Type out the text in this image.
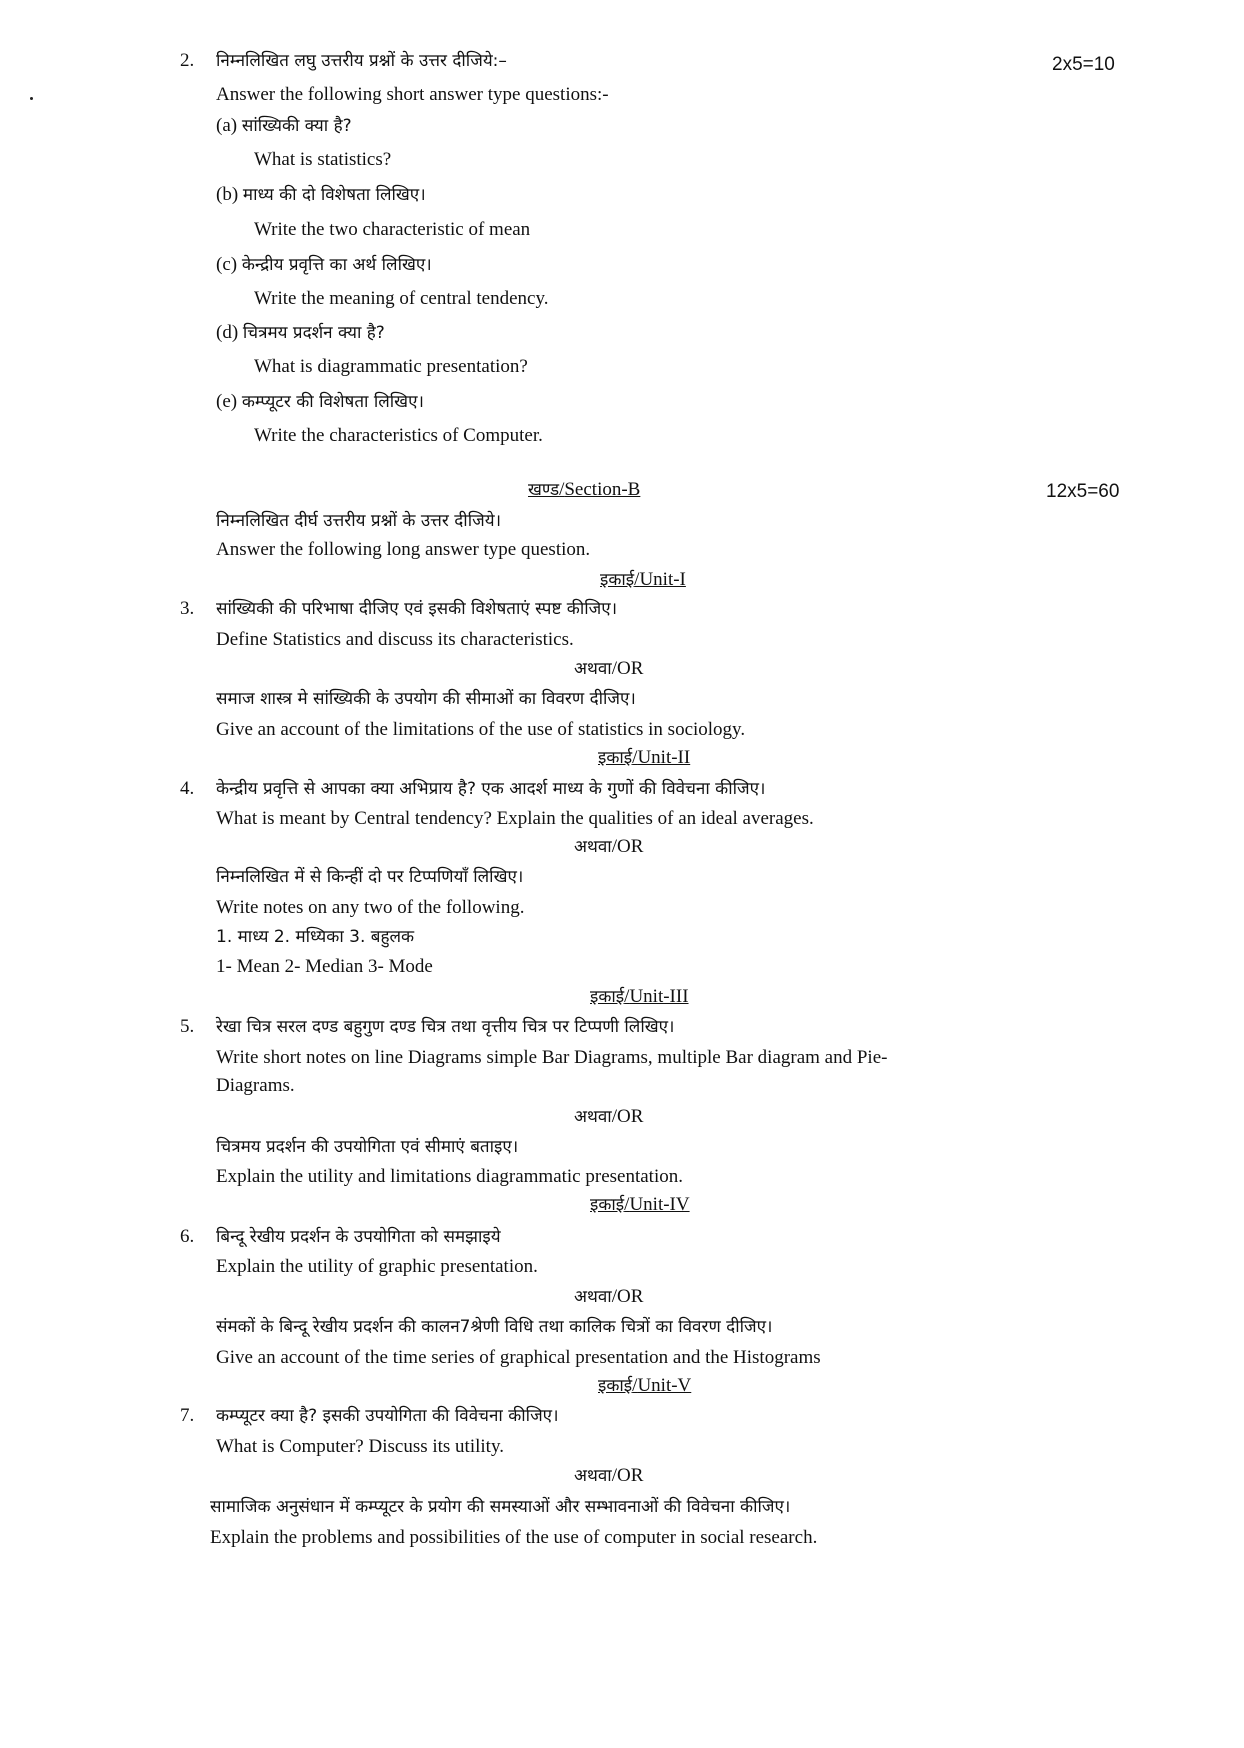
2. निम्नलिखित लघु उत्तरीय प्रश्नों के उत्तर दीजिये:–	2x5=10
Answer the following short answer type questions:-
(a) सांख्यिकी क्या है?
What is statistics?
(b) माध्य की दो विशेषता लिखिए।
Write the two characteristic of mean
(c) केन्द्रीय प्रवृत्ति का अर्थ लिखिए।
Write the meaning of central tendency.
(d) चित्रमय प्रदर्शन क्या है?
What is diagrammatic presentation?
(e) कम्प्यूटर की विशेषता लिखिए।
Write the characteristics of Computer.
खण्ड/Section-B	12x5=60
निम्नलिखित दीर्घ उत्तरीय प्रश्नों के उत्तर दीजिये।
Answer the following long answer type question.
इकाई/Unit-I
3. सांख्यिकी की परिभाषा दीजिए एवं इसकी विशेषताएं स्पष्ट कीजिए।
Define Statistics and discuss its characteristics.
अथवा/OR
समाज शास्त्र मे सांख्यिकी के उपयोग की सीमाओं का विवरण दीजिए।
Give an account of the limitations of the use of statistics in sociology.
इकाई/Unit-II
4. केन्द्रीय प्रवृत्ति से आपका क्या अभिप्राय है? एक आदर्श माध्य के गुणों की विवेचना कीजिए।
What is meant by Central tendency? Explain the qualities of an ideal averages.
अथवा/OR
निम्नलिखित में से किन्हीं दो पर टिप्पणियॉं लिखिए।
Write notes on any two of the following.
1. माध्य 2. मध्यिका 3. बहुलक
1- Mean 2- Median 3- Mode
इकाई/Unit-III
5. रेखा चित्र सरल दण्ड बहुगुण दण्ड चित्र तथा वृत्तीय चित्र पर टिप्पणी लिखिए।
Write short notes on line Diagrams simple Bar Diagrams, multiple Bar diagram and Pie-
Diagrams.
अथवा/OR
चित्रमय प्रदर्शन की उपयोगिता एवं सीमाएं बताइए।
Explain the utility and limitations diagrammatic presentation.
इकाई/Unit-IV
6. बिन्दू रेखीय प्रदर्शन के उपयोगिता को समझाइये
Explain the utility of graphic presentation.
अथवा/OR
संमकों के बिन्दू रेखीय प्रदर्शन की कालन7श्रेणी विधि तथा कालिक चित्रों का विवरण दीजिए।
Give an account of the time series of graphical presentation and the Histograms
इकाई/Unit-V
7. कम्प्यूटर क्या है? इसकी उपयोगिता की विवेचना कीजिए।
What is Computer? Discuss its utility.
अथवा/OR
सामाजिक अनुसंधान में कम्प्यूटर के प्रयोग की समस्याओं और सम्भावनाओं की विवेचना कीजिए।
Explain the problems and possibilities of the use of computer in social research.
